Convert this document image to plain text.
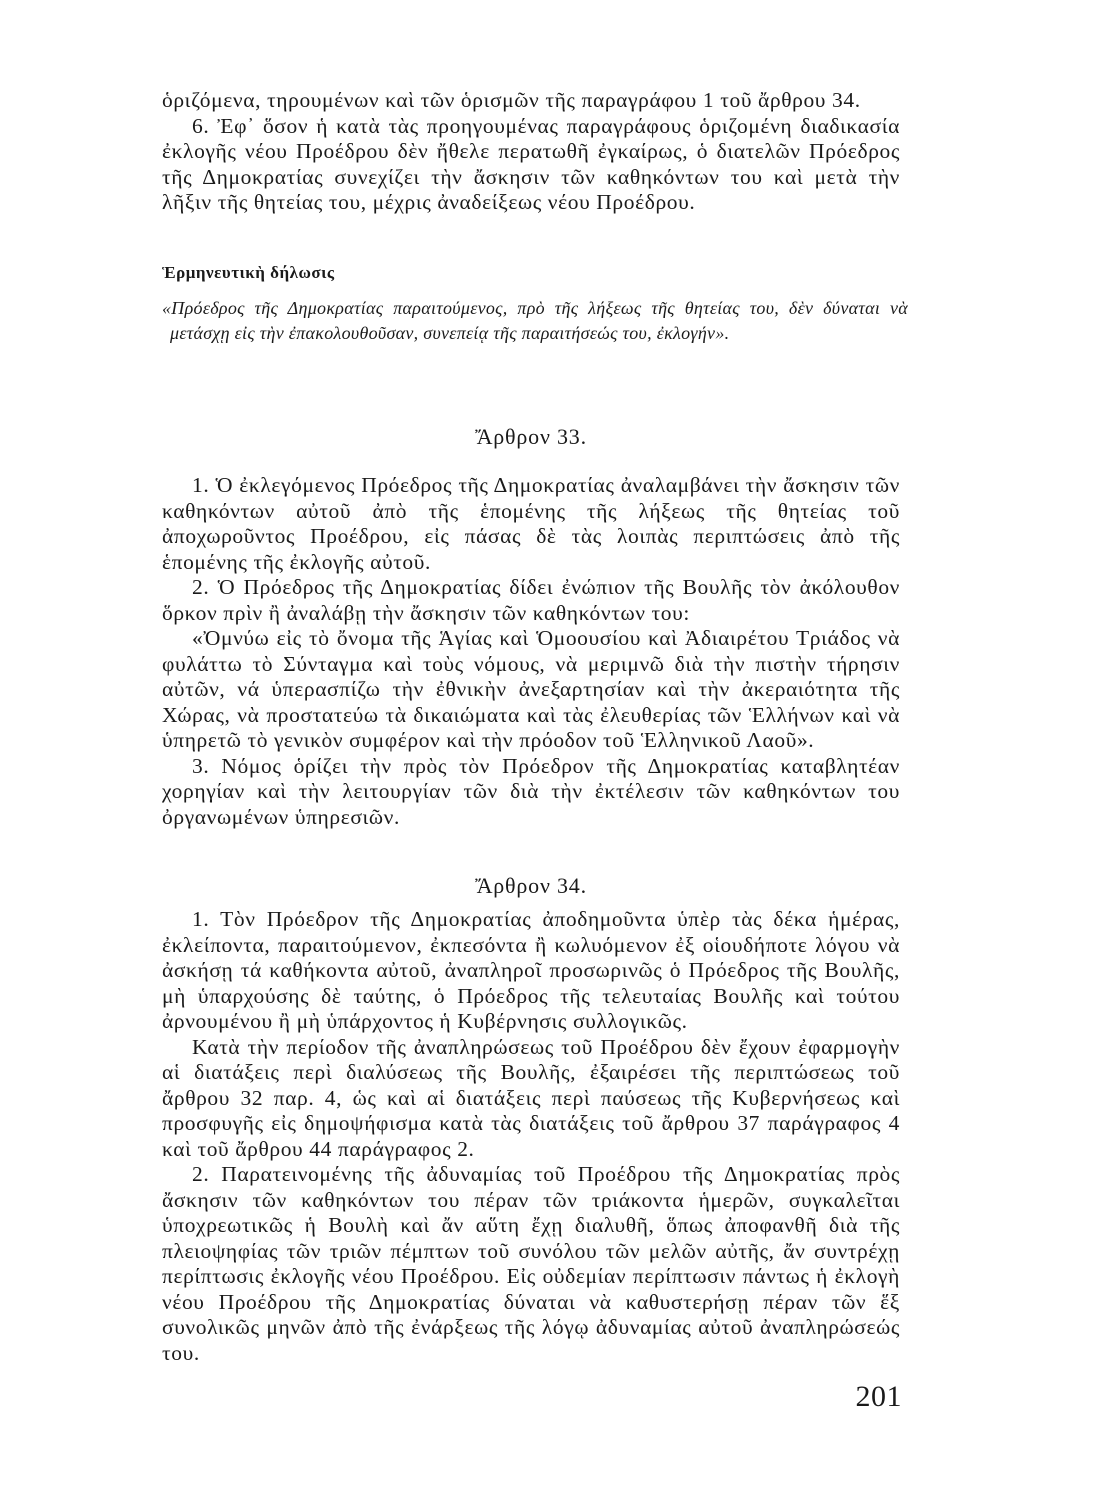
ὁριζόμενα, τηρουμένων καὶ τῶν ὁρισμῶν τῆς παραγράφου 1 τοῦ ἄρθρου 34.

6. Ἐφ᾽ ὅσον ἡ κατὰ τὰς προηγουμένας παραγράφους ὁριζομένη διαδικασία ἐκλογῆς νέου Προέδρου δὲν ἤθελε περατωθῆ ἐγκαίρως, ὁ διατελῶν Πρόεδρος τῆς Δημοκρατίας συνεχίζει τὴν ἄσκησιν τῶν καθηκόντων του καὶ μετὰ τὴν λῆξιν τῆς θητείας του, μέχρις ἀναδείξεως νέου Προέδρου.

Ἑρμηνευτικὴ δήλωσις

«Πρόεδρος τῆς Δημοκρατίας παραιτούμενος, πρὸ τῆς λήξεως τῆς θητείας του, δὲν δύναται νὰ μετάσχῃ εἰς τὴν ἐπακολουθοῦσαν, συνεπείᾳ τῆς παραιτήσεώς του, ἐκλογήν».

Ἄρθρον 33.

1. Ὁ ἐκλεγόμενος Πρόεδρος τῆς Δημοκρατίας ἀναλαμβάνει τὴν ἄσκησιν τῶν καθηκόντων αὐτοῦ ἀπὸ τῆς ἑπομένης τῆς λήξεως τῆς θητείας τοῦ ἀποχωροῦντος Προέδρου, εἰς πάσας δὲ τὰς λοιπὰς περιπτώσεις ἀπὸ τῆς ἑπομένης τῆς ἐκλογῆς αὐτοῦ.

2. Ὁ Πρόεδρος τῆς Δημοκρατίας δίδει ἐνώπιον τῆς Βουλῆς τὸν ἀκόλουθον ὅρκον πρὶν ἢ ἀναλάβῃ τὴν ἄσκησιν τῶν καθηκόντων του:

«Ὀμνύω εἰς τὸ ὄνομα τῆς Ἁγίας καὶ Ὁμοουσίου καὶ Ἀδιαιρέτου Τριάδος νὰ φυλάττω τὸ Σύνταγμα καὶ τοὺς νόμους, νὰ μεριμνῶ διὰ τὴν πιστὴν τήρησιν αὐτῶν, νά ὑπερασπίζω τὴν ἐθνικὴν ἀνεξαρτησίαν καὶ τὴν ἀκεραιότητα τῆς Χώρας, νὰ προστατεύω τὰ δικαιώματα καὶ τὰς ἐλευθερίας τῶν Ἑλλήνων καὶ νὰ ὑπηρετῶ τὸ γενικὸν συμφέρον καὶ τὴν πρόοδον τοῦ Ἑλληνικοῦ Λαοῦ».

3. Νόμος ὁρίζει τὴν πρὸς τὸν Πρόεδρον τῆς Δημοκρατίας καταβλητέαν χορηγίαν καὶ τὴν λειτουργίαν τῶν διὰ τὴν ἐκτέλεσιν τῶν καθηκόντων του ὀργανωμένων ὑπηρεσιῶν.

Ἄρθρον 34.

1. Τὸν Πρόεδρον τῆς Δημοκρατίας ἀποδημοῦντα ὑπὲρ τὰς δέκα ἡμέρας, ἐκλείποντα, παραιτούμενον, ἐκπεσόντα ἢ κωλυόμενον ἐξ οἱουδήποτε λόγου νὰ ἀσκήσῃ τά καθήκοντα αὐτοῦ, ἀναπληροῖ προσωρινῶς ὁ Πρόεδρος τῆς Βουλῆς, μὴ ὑπαρχούσης δὲ ταύτης, ὁ Πρόεδρος τῆς τελευταίας Βουλῆς καὶ τούτου ἀρνουμένου ἢ μὴ ὑπάρχοντος ἡ Κυβέρνησις συλλογικῶς.

Κατὰ τὴν περίοδον τῆς ἀναπληρώσεως τοῦ Προέδρου δὲν ἔχουν ἐφαρμογὴν αἱ διατάξεις περὶ διαλύσεως τῆς Βουλῆς, ἐξαιρέσει τῆς περιπτώσεως τοῦ ἄρθρου 32 παρ. 4, ὡς καὶ αἱ διατάξεις περὶ παύσεως τῆς Κυβερνήσεως καὶ προσφυγῆς εἰς δημοψήφισμα κατὰ τὰς διατάξεις τοῦ ἄρθρου 37 παράγραφος 4 καὶ τοῦ ἄρθρου 44 παράγραφος 2.

2. Παρατεινομένης τῆς ἀδυναμίας τοῦ Προέδρου τῆς Δημοκρατίας πρὸς ἄσκησιν τῶν καθηκόντων του πέραν τῶν τριάκοντα ἡμερῶν, συγκαλεῖται ὑποχρεωτικῶς ἡ Βουλὴ καὶ ἄν αὕτη ἔχῃ διαλυθῆ, ὅπως ἀποφανθῆ διὰ τῆς πλειοψηφίας τῶν τριῶν πέμπτων τοῦ συνόλου τῶν μελῶν αὐτῆς, ἄν συντρέχῃ περίπτωσις ἐκλογῆς νέου Προέδρου. Εἰς οὐδεμίαν περίπτωσιν πάντως ἡ ἐκλογὴ νέου Προέδρου τῆς Δημοκρατίας δύναται νὰ καθυστερήσῃ πέραν τῶν ἕξ συνολικῶς μηνῶν ἀπὸ τῆς ἐνάρξεως τῆς λόγῳ ἀδυναμίας αὐτοῦ ἀναπληρώσεώς του.

201
